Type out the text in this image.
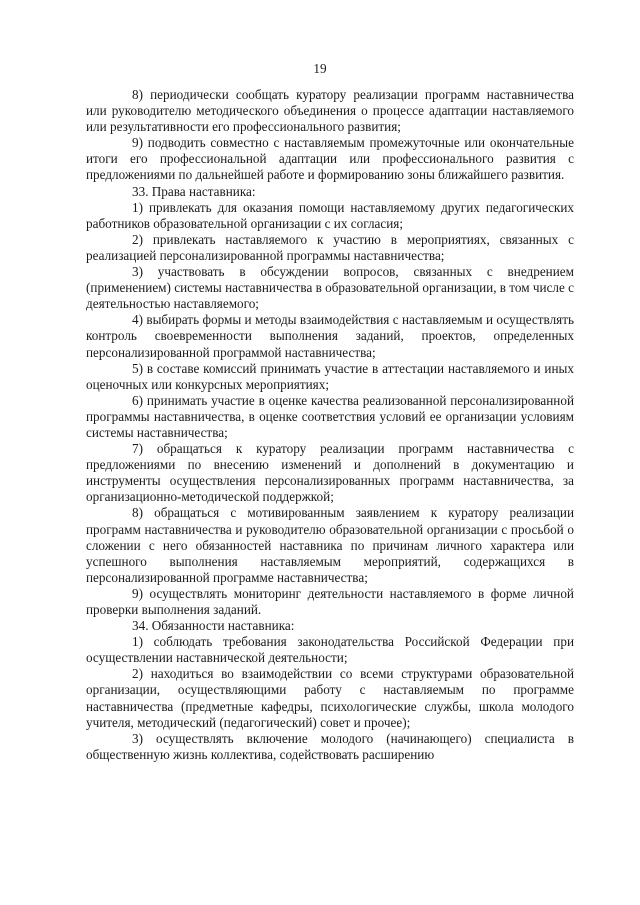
19

8) периодически сообщать куратору реализации программ наставничества или руководителю методического объединения о процессе адаптации наставляемого или результативности его профессионального развития;

9) подводить совместно с наставляемым промежуточные или окончательные итоги его профессиональной адаптации или профессионального развития с предложениями по дальнейшей работе и формированию зоны ближайшего развития.

33. Права наставника:

1) привлекать для оказания помощи наставляемому других педагогических работников образовательной организации с их согласия;

2) привлекать наставляемого к участию в мероприятиях, связанных с реализацией персонализированной программы наставничества;

3) участвовать в обсуждении вопросов, связанных с внедрением (применением) системы наставничества в образовательной организации, в том числе с деятельностью наставляемого;

4) выбирать формы и методы взаимодействия с наставляемым и осуществлять контроль своевременности выполнения заданий, проектов, определенных персонализированной программой наставничества;

5) в составе комиссий принимать участие в аттестации наставляемого и иных оценочных или конкурсных мероприятиях;

6) принимать участие в оценке качества реализованной персонализированной программы наставничества, в оценке соответствия условий ее организации условиям системы наставничества;

7) обращаться к куратору реализации программ наставничества с предложениями по внесению изменений и дополнений в документацию и инструменты осуществления персонализированных программ наставничества, за организационно-методической поддержкой;

8) обращаться с мотивированным заявлением к куратору реализации программ наставничества и руководителю образовательной организации с просьбой о сложении с него обязанностей наставника по причинам личного характера или успешного выполнения наставляемым мероприятий, содержащихся в персонализированной программе наставничества;

9) осуществлять мониторинг деятельности наставляемого в форме личной проверки выполнения заданий.

34. Обязанности наставника:

1) соблюдать требования законодательства Российской Федерации при осуществлении наставнической деятельности;

2) находиться во взаимодействии со всеми структурами образовательной организации, осуществляющими работу с наставляемым по программе наставничества (предметные кафедры, психологические службы, школа молодого учителя, методический (педагогический) совет и прочее);

3) осуществлять включение молодого (начинающего) специалиста в общественную жизнь коллектива, содействовать расширению
